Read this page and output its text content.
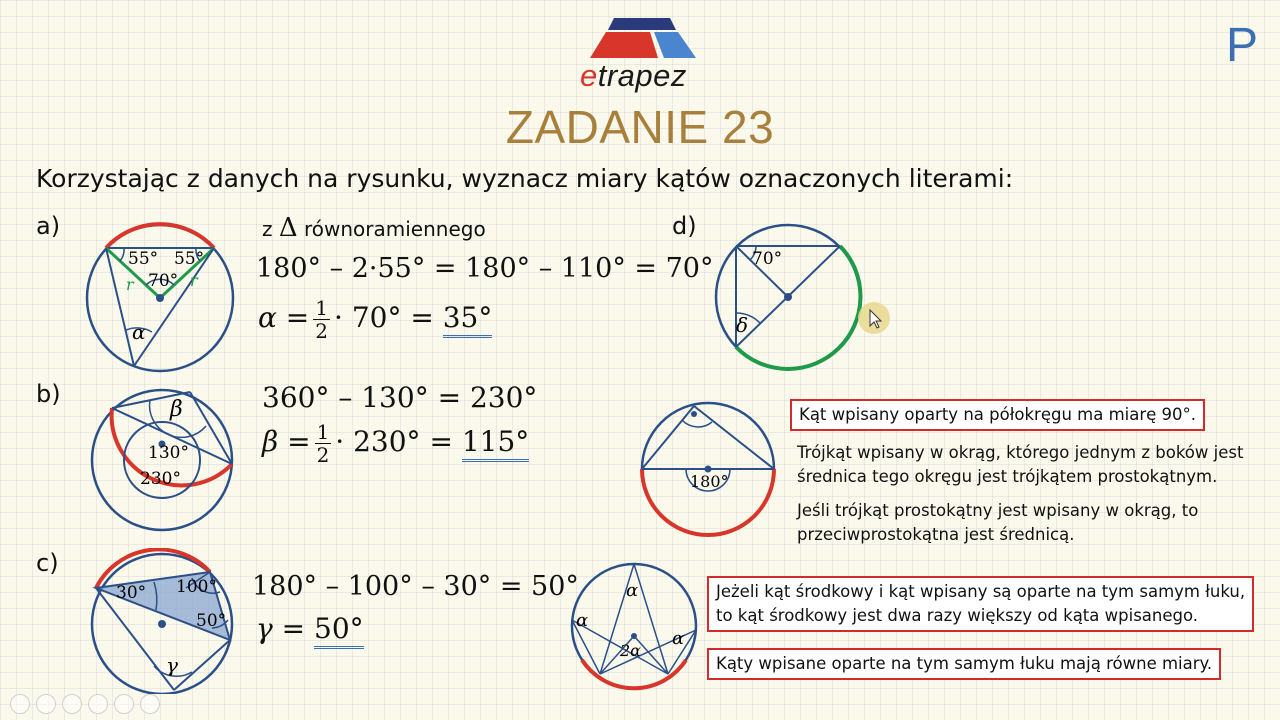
etrapez
P
ZADANIE 23
Korzystając z danych na rysunku, wyznacz miary kątów oznaczonych literami:
a)
b)
c)
d)
55° 55°
70°
r	r
α
z Δ równoramiennego
180° – 2·55° = 180° – 110° = 70°
$\alpha = \frac{1}{2} \cdot 70^\circ = 35^\circ$
β
130°
230°
360° – 130° = 230°
$\beta = \frac{1}{2} \cdot 230^\circ = 115^\circ$
30° 100°
50°
γ
180° – 100° – 30° = 50°
γ = 50°
70°
δ
180°
α
α
α
2α
Kąt wpisany oparty na półokręgu ma miarę 90°.
Trójkąt wpisany w okrąg, którego jednym z boków jest
średnica tego okręgu jest trójkątem prostokątnym.
Jeśli trójkąt prostokątny jest wpisany w okrąg, to
przeciwprostokątna jest średnicą.
Jeżeli kąt środkowy i kąt wpisany są oparte na tym samym łuku,
to kąt środkowy jest dwa razy większy od kąta wpisanego.
Kąty wpisane oparte na tym samym łuku mają równe miary.
